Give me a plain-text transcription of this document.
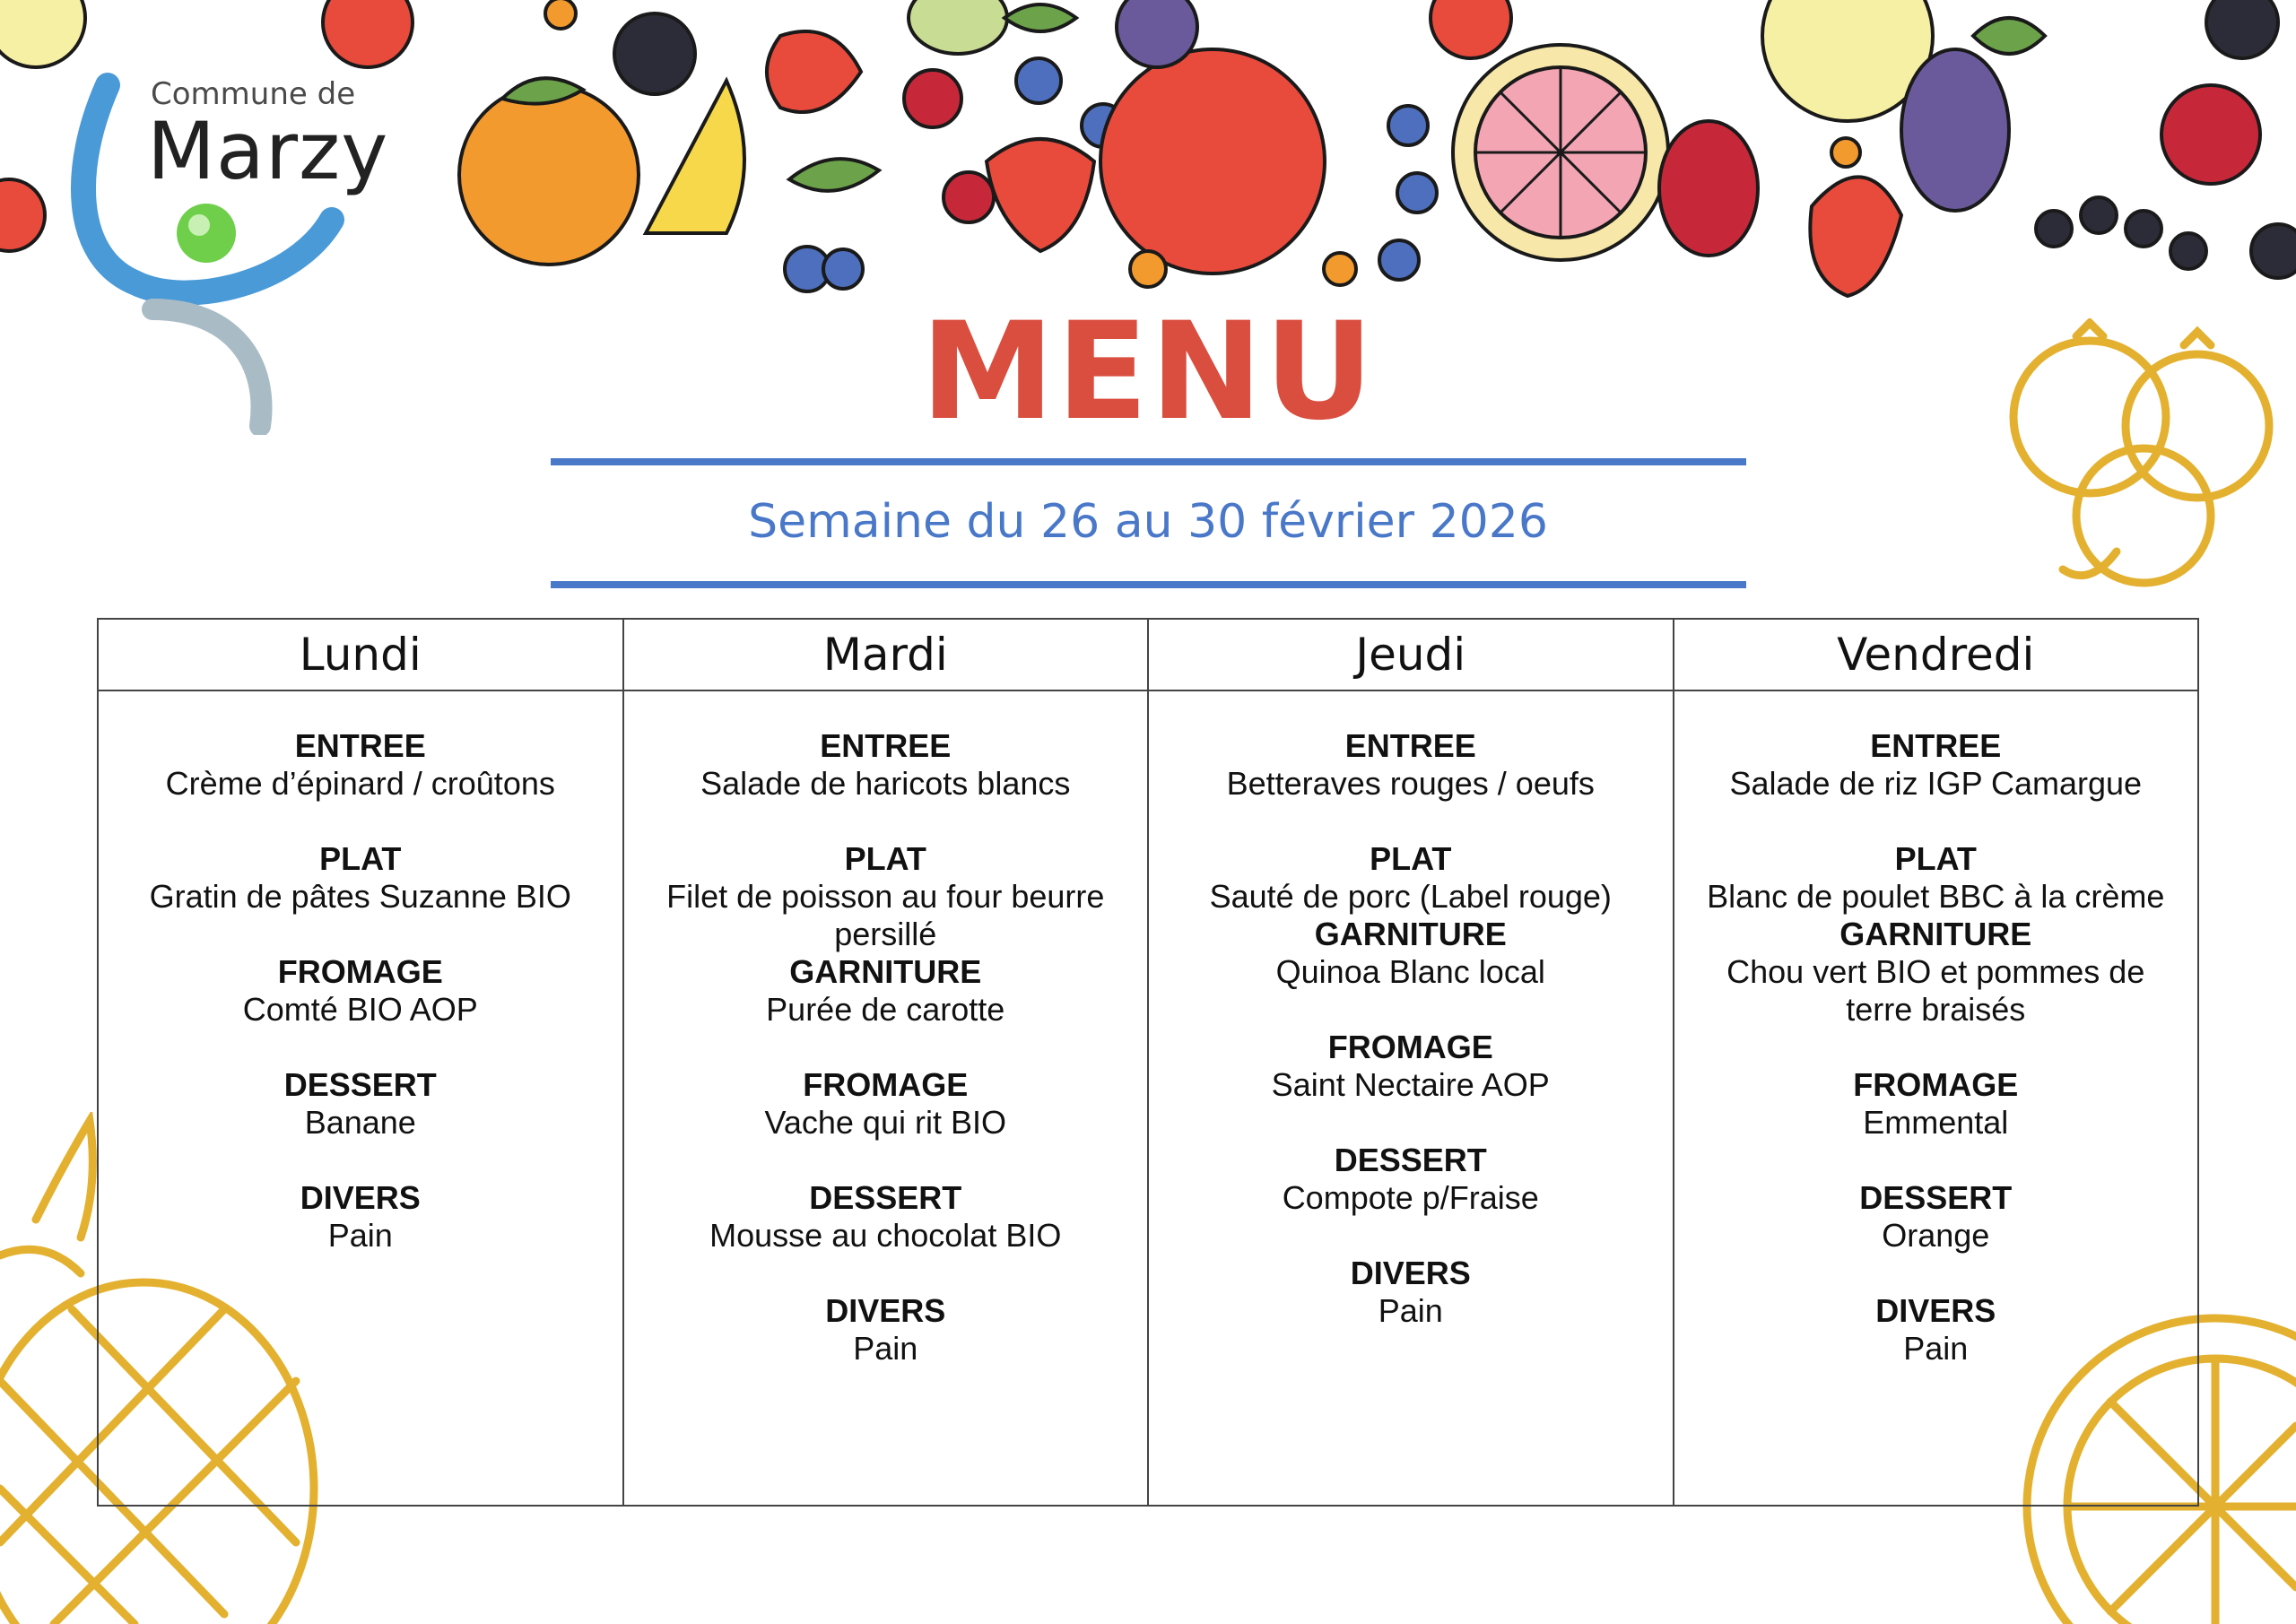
Commune de
Marzy
MENU
Semaine du 26 au 30 février 2026
Lundi
ENTREE
Crème d’épinard / croûtons
PLAT
Gratin de pâtes Suzanne BIO
FROMAGE
Comté BIO AOP
DESSERT
Banane
DIVERS
Pain
Mardi
ENTREE
Salade de haricots blancs
PLAT
Filet de poisson au four beurre persillé
GARNITURE
Purée de carotte
FROMAGE
Vache qui rit BIO
DESSERT
Mousse au chocolat BIO
DIVERS
Pain
Jeudi
ENTREE
Betteraves rouges / oeufs
PLAT
Sauté de porc (Label rouge)
GARNITURE
Quinoa Blanc local
FROMAGE
Saint Nectaire AOP
DESSERT
Compote p/Fraise
DIVERS
Pain
Vendredi
ENTREE
Salade de riz IGP Camargue
PLAT
Blanc de poulet BBC à la crème
GARNITURE
Chou vert BIO et pommes de terre braisés
FROMAGE
Emmental
DESSERT
Orange
DIVERS
Pain
